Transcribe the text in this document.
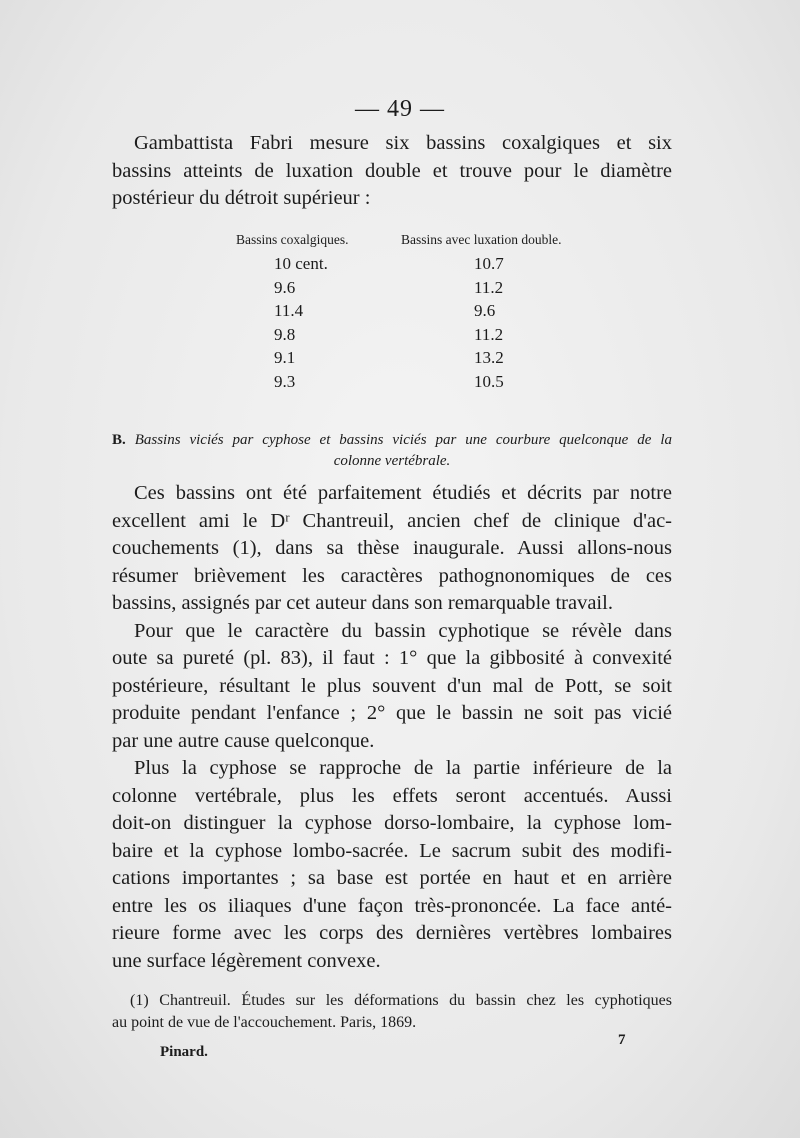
— 49 —

Gambattista Fabri mesure six bassins coxalgiques et six
bassins atteints de luxation double et trouve pour le diamètre
postérieur du détroit supérieur :

Bassins coxalgiques.	Bassins avec luxation double.
10 cent.	10.7
9.6	11.2
11.4	9.6
9.8	11.2
9.1	13.2
9.3	10.5
B. Bassins viciés par cyphose et bassins viciés par une courbure quelconque de la
colonne vertébrale.

Ces bassins ont été parfaitement étudiés et décrits par notre
excellent ami le Dʳ Chantreuil, ancien chef de clinique d'ac-
couchements (1), dans sa thèse inaugurale. Aussi allons-nous
résumer brièvement les caractères pathognonomiques de ces
bassins, assignés par cet auteur dans son remarquable travail.

Pour que le caractère du bassin cyphotique se révèle dans
oute sa pureté (pl. 83), il faut : 1° que la gibbosité à convexité
postérieure, résultant le plus souvent d'un mal de Pott, se soit
produite pendant l'enfance ; 2° que le bassin ne soit pas vicié
par une autre cause quelconque.

Plus la cyphose se rapproche de la partie inférieure de la
colonne vertébrale, plus les effets seront accentués. Aussi
doit-on distinguer la cyphose dorso-lombaire, la cyphose lom-
baire et la cyphose lombo-sacrée. Le sacrum subit des modifi-
cations importantes ; sa base est portée en haut et en arrière
entre les os iliaques d'une façon très-prononcée. La face anté-
rieure forme avec les corps des dernières vertèbres lombaires
une surface légèrement convexe.

(1) Chantreuil. Études sur les déformations du bassin chez les cyphotiques
au point de vue de l'accouchement. Paris, 1869.
Pinard.
7
